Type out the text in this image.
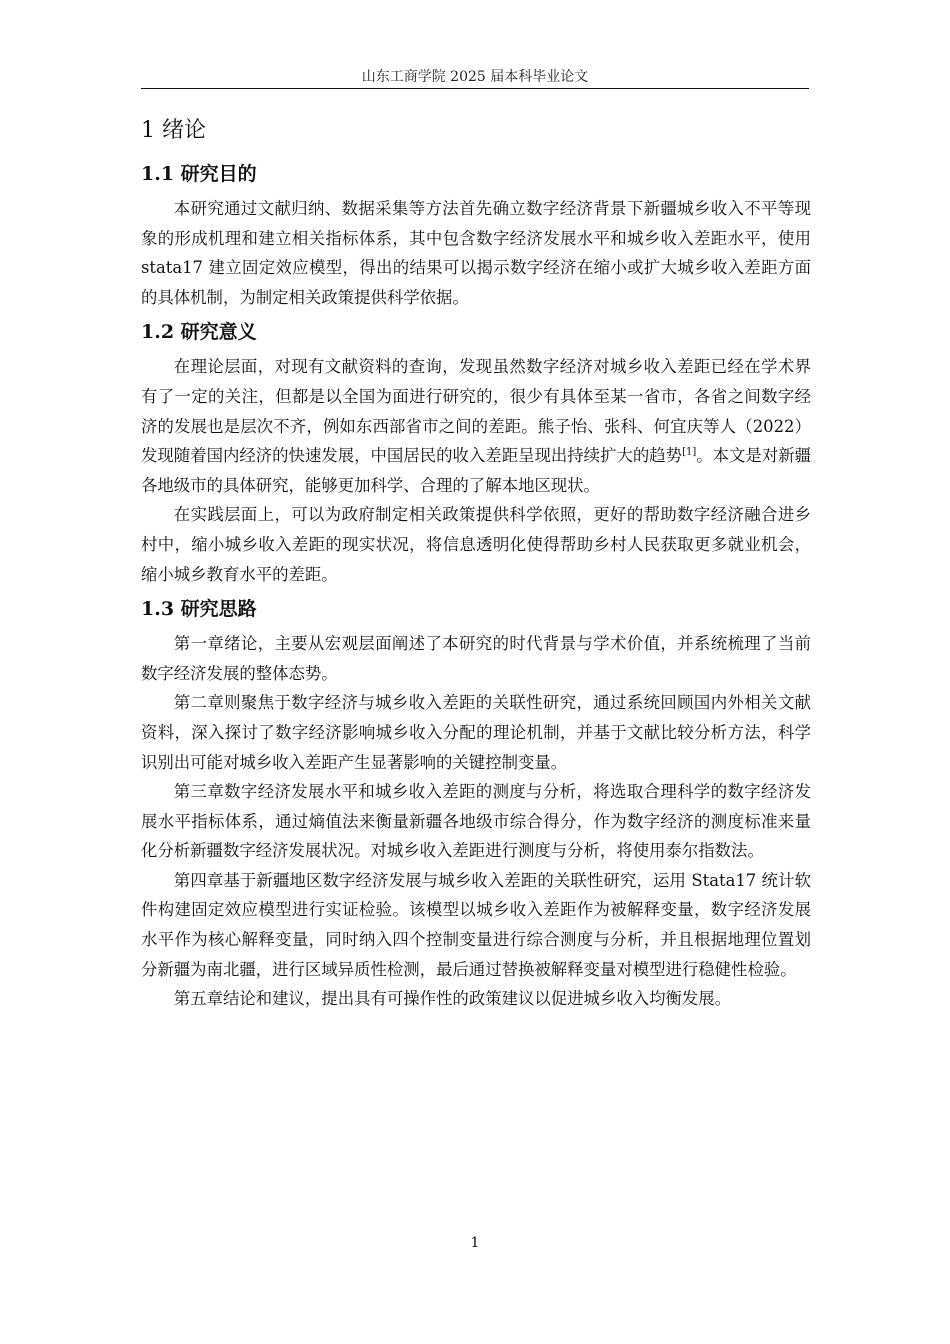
山东工商学院 2025 届本科毕业论文
1 绪论
1.1 研究目的

本研究通过文献归纳、数据采集等方法首先确立数字经济背景下新疆城乡收入不平等现象的形成机理和建立相关指标体系，其中包含数字经济发展水平和城乡收入差距水平，使用 stata17 建立固定效应模型，得出的结果可以揭示数字经济在缩小或扩大城乡收入差距方面的具体机制，为制定相关政策提供科学依据。

1.2 研究意义

在理论层面，对现有文献资料的查询，发现虽然数字经济对城乡收入差距已经在学术界有了一定的关注，但都是以全国为面进行研究的，很少有具体至某一省市，各省之间数字经济的发展也是层次不齐，例如东西部省市之间的差距。熊子怡、张科、何宜庆等人（2022）发现随着国内经济的快速发展，中国居民的收入差距呈现出持续扩大的趋势[1]。本文是对新疆各地级市的具体研究，能够更加科学、合理的了解本地区现状。

在实践层面上，可以为政府制定相关政策提供科学依照，更好的帮助数字经济融合进乡村中，缩小城乡收入差距的现实状况，将信息透明化使得帮助乡村人民获取更多就业机会，缩小城乡教育水平的差距。

1.3 研究思路

第一章绪论，主要从宏观层面阐述了本研究的时代背景与学术价值，并系统梳理了当前数字经济发展的整体态势。

第二章则聚焦于数字经济与城乡收入差距的关联性研究，通过系统回顾国内外相关文献资料，深入探讨了数字经济影响城乡收入分配的理论机制，并基于文献比较分析方法，科学识别出可能对城乡收入差距产生显著影响的关键控制变量。

第三章数字经济发展水平和城乡收入差距的测度与分析，将选取合理科学的数字经济发展水平指标体系，通过熵值法来衡量新疆各地级市综合得分，作为数字经济的测度标准来量化分析新疆数字经济发展状况。对城乡收入差距进行测度与分析，将使用泰尔指数法。

第四章基于新疆地区数字经济发展与城乡收入差距的关联性研究，运用 Stata17 统计软件构建固定效应模型进行实证检验。该模型以城乡收入差距作为被解释变量，数字经济发展水平作为核心解释变量，同时纳入四个控制变量进行综合测度与分析，并且根据地理位置划分新疆为南北疆，进行区域异质性检测，最后通过替换被解释变量对模型进行稳健性检验。

第五章结论和建议，提出具有可操作性的政策建议以促进城乡收入均衡发展。

1
